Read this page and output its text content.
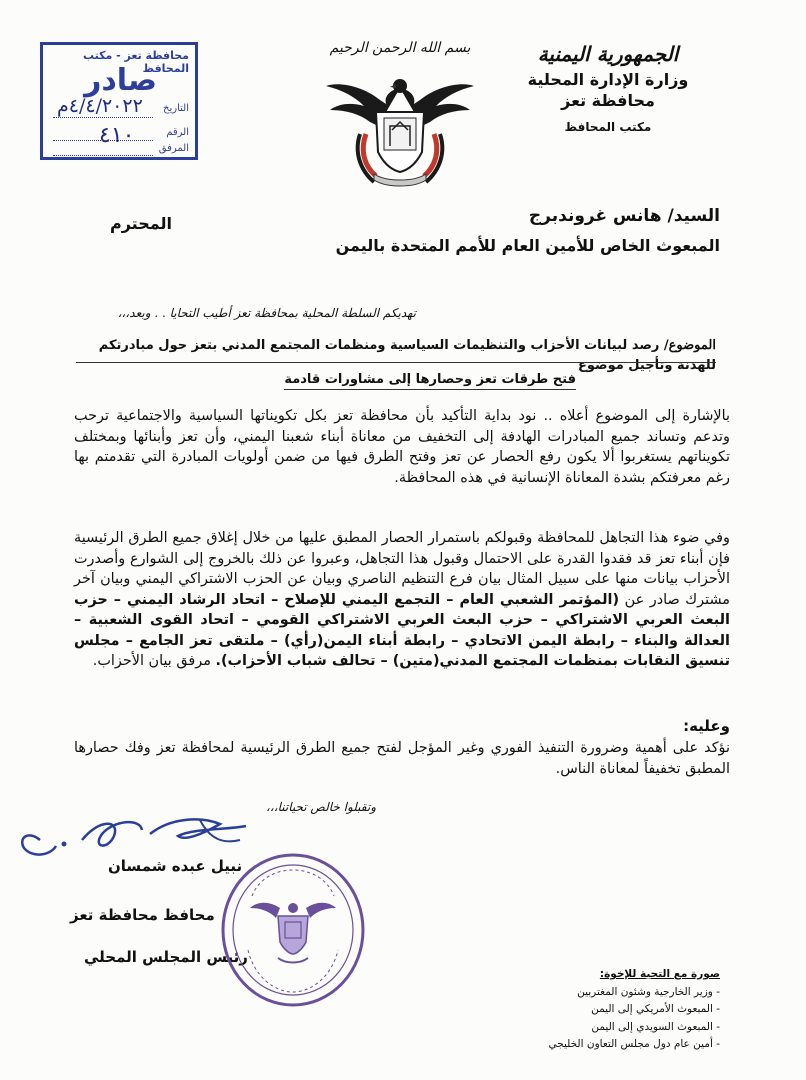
محافظة تعز - مكتب المحافظ
صادر
التاريخ
٤/٤/٢٠٢٢م
الرقم
٤١٠
المرفق
بسم الله الرحمن الرحيم	الجمهورية اليمنية
وزارة الإدارة المحلية
محافظة تعز
مكتب المحافظ
السيد/ هانس غروندبرج
المبعوث الخاص للأمين العام للأمم المتحدة باليمن
المحترم
تهديكم السلطة المحلية بمحافظة تعز أطيب التحايا . . وبعد،،،
الموضوع/ رصد لبيانات الأحزاب والتنظيمات السياسية ومنظمات المجتمع المدني بتعز حول مبادرتكم للهدنة وتأجيل موضوع
فتح طرقات تعز وحصارها إلى مشاورات قادمة
بالإشارة إلى الموضوع أعلاه .. نود بداية التأكيد بأن محافظة تعز بكل تكويناتها السياسية والاجتماعية ترحب وتدعم وتساند جميع المبادرات الهادفة إلى التخفيف من معاناة أبناء شعبنا اليمني، وأن تعز وأبنائها وبمختلف تكويناتهم يستغربوا ألا يكون رفع الحصار عن تعز وفتح الطرق فيها من ضمن أولويات المبادرة التي تقدمتم بها رغم معرفتكم بشدة المعاناة الإنسانية في هذه المحافظة.
وفي ضوء هذا التجاهل للمحافظة وقبولكم باستمرار الحصار المطبق عليها من خلال إغلاق جميع الطرق الرئيسية فإن أبناء تعز قد فقدوا القدرة على الاحتمال وقبول هذا التجاهل، وعبروا عن ذلك بالخروج إلى الشوارع وأصدرت الأحزاب بيانات منها على سبيل المثال بيان فرع التنظيم الناصري وبيان عن الحزب الاشتراكي اليمني وبيان آخر مشترك صادر عن (المؤتمر الشعبي العام – التجمع اليمني للإصلاح – اتحاد الرشاد اليمني – حزب البعث العربي الاشتراكي – حزب البعث العربي الاشتراكي القومي – اتحاد القوى الشعبية – العدالة والبناء – رابطة اليمن الاتحادي – رابطة أبناء اليمن(رأي) – ملتقى تعز الجامع – مجلس تنسيق النقابات بمنظمات المجتمع المدني(متين) – تحالف شباب الأحزاب). مرفق بيان الأحزاب.
وعليه:
نؤكد على أهمية وضرورة التنفيذ الفوري وغير المؤجل لفتح جميع الطرق الرئيسية لمحافظة تعز وفك حصارها المطبق تخفيفاً لمعاناة الناس.
وتقبلوا خالص تحياتنا،،،
نبيل عبده شمسان
محافظ محافظة تعز
رئيس المجلس المحلي
صورة مع التحية للإخوة:
- وزير الخارجية وشئون المغتربين
- المبعوث الأمريكي إلى اليمن
- المبعوث السويدي إلى اليمن
- أمين عام دول مجلس التعاون الخليجي
